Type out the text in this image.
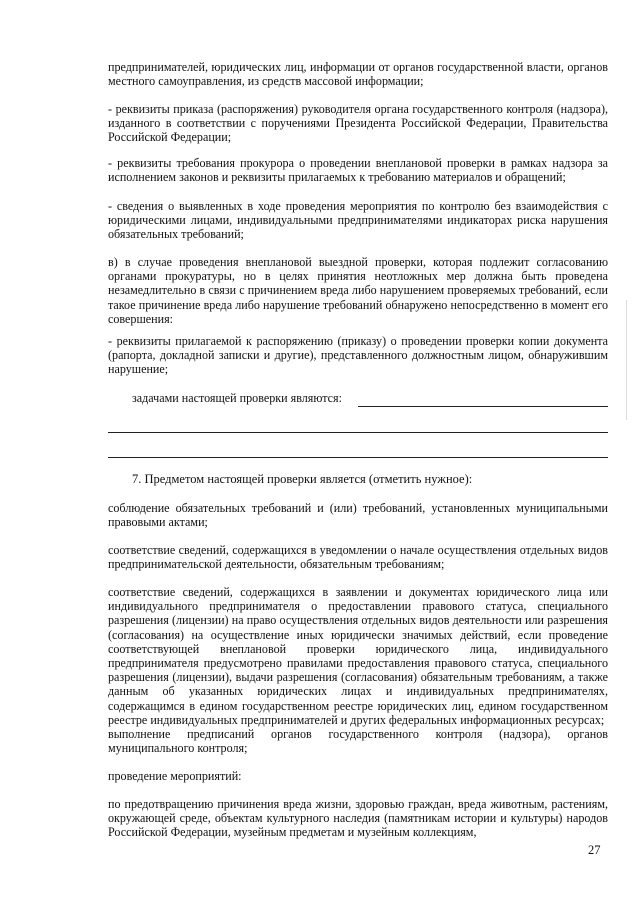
предпринимателей, юридических лиц, информации от органов государственной власти, органов местного самоуправления, из средств массовой информации;

- реквизиты приказа (распоряжения) руководителя органа государственного контроля (надзора), изданного в соответствии с поручениями Президента Российской Федерации, Правительства Российской Федерации;

- реквизиты требования прокурора о проведении внеплановой проверки в рамках надзора за исполнением законов и реквизиты прилагаемых к требованию материалов и обращений;

- сведения о выявленных в ходе проведения мероприятия по контролю без взаимодействия с юридическими лицами, индивидуальными предпринимателями индикаторах риска нарушения обязательных требований;

в) в случае проведения внеплановой выездной проверки, которая подлежит согласованию органами прокуратуры, но в целях принятия неотложных мер должна быть проведена незамедлительно в связи с причинением вреда либо нарушением проверяемых требований, если такое причинение вреда либо нарушение требований обнаружено непосредственно в момент его совершения:

- реквизиты прилагаемой к распоряжению (приказу) о проведении проверки копии документа (рапорта, докладной записки и другие), представленного должностным лицом, обнаружившим нарушение;

задачами настоящей проверки являются:

7. Предметом настоящей проверки является (отметить нужное):

соблюдение обязательных требований и (или) требований, установленных муниципальными правовыми актами;

соответствие сведений, содержащихся в уведомлении о начале осуществления отдельных видов предпринимательской деятельности, обязательным требованиям;

соответствие сведений, содержащихся в заявлении и документах юридического лица или индивидуального предпринимателя о предоставлении правового статуса, специального разрешения (лицензии) на право осуществления отдельных видов деятельности или разрешения (согласования) на осуществление иных юридически значимых действий, если проведение соответствующей внеплановой проверки юридического лица, индивидуального предпринимателя предусмотрено правилами предоставления правового статуса, специального разрешения (лицензии), выдачи разрешения (согласования) обязательным требованиям, а также данным об указанных юридических лицах и индивидуальных предпринимателях, содержащимся в едином государственном реестре юридических лиц, едином государственном реестре индивидуальных предпринимателей и других федеральных информационных ресурсах;

выполнение предписаний органов государственного контроля (надзора), органов муниципального контроля;

проведение мероприятий:

по предотвращению причинения вреда жизни, здоровью граждан, вреда животным, растениям, окружающей среде, объектам культурного наследия (памятникам истории и культуры) народов Российской Федерации, музейным предметам и музейным коллекциям,

27
